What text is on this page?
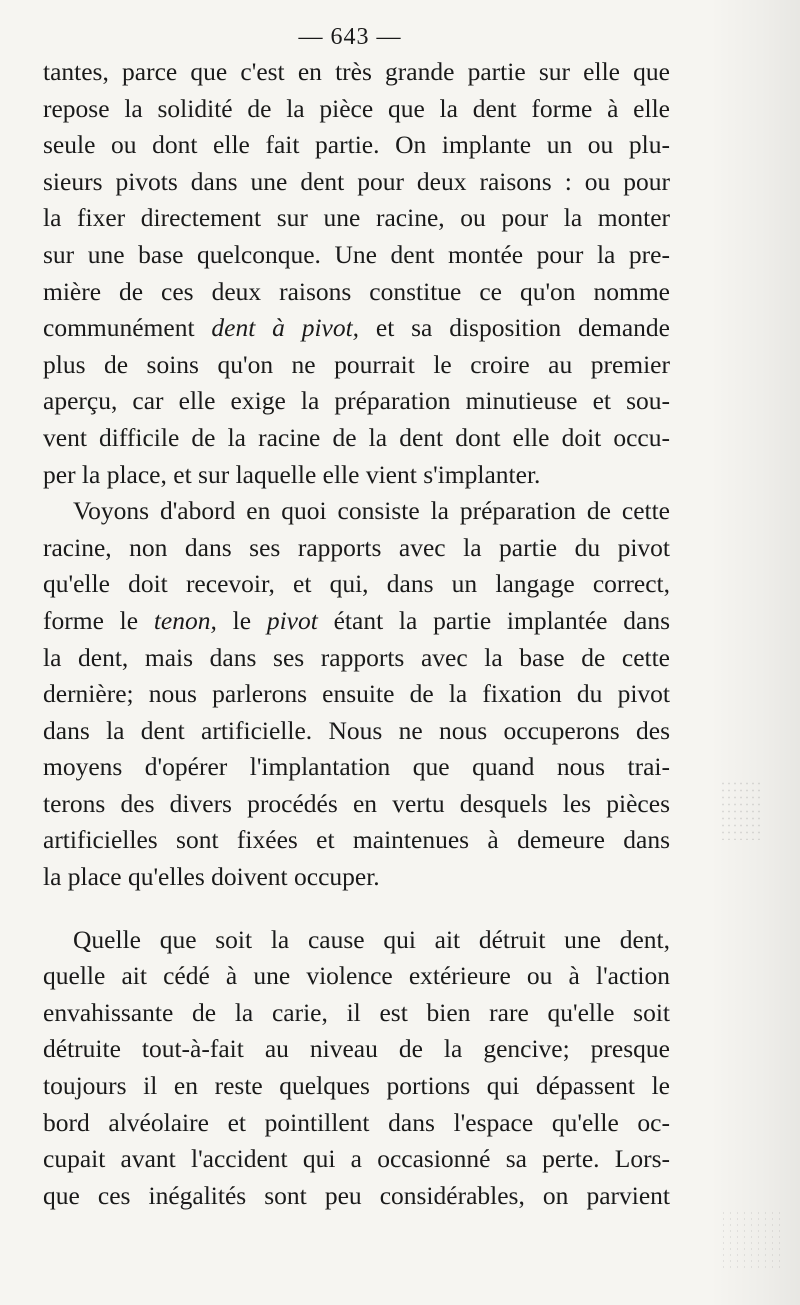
— 643 —
tantes, parce que c'est en très grande partie sur elle que
repose la solidité de la pièce que la dent forme à elle
seule ou dont elle fait partie. On implante un ou plu-
sieurs pivots dans une dent pour deux raisons : ou pour
la fixer directement sur une racine, ou pour la monter
sur une base quelconque. Une dent montée pour la pre-
mière de ces deux raisons constitue ce qu'on nomme
communément dent à pivot, et sa disposition demande
plus de soins qu'on ne pourrait le croire au premier
aperçu, car elle exige la préparation minutieuse et sou-
vent difficile de la racine de la dent dont elle doit occu-
per la place, et sur laquelle elle vient s'implanter.
Voyons d'abord en quoi consiste la préparation de cette
racine, non dans ses rapports avec la partie du pivot
qu'elle doit recevoir, et qui, dans un langage correct,
forme le tenon, le pivot étant la partie implantée dans
la dent, mais dans ses rapports avec la base de cette
dernière; nous parlerons ensuite de la fixation du pivot
dans la dent artificielle. Nous ne nous occuperons des
moyens d'opérer l'implantation que quand nous trai-
terons des divers procédés en vertu desquels les pièces
artificielles sont fixées et maintenues à demeure dans
la place qu'elles doivent occuper.
Quelle que soit la cause qui ait détruit une dent,
quelle ait cédé à une violence extérieure ou à l'action
envahissante de la carie, il est bien rare qu'elle soit
détruite tout-à-fait au niveau de la gencive; presque
toujours il en reste quelques portions qui dépassent le
bord alvéolaire et pointillent dans l'espace qu'elle oc-
cupait avant l'accident qui a occasionné sa perte. Lors-
que ces inégalités sont peu considérables, on parvient
